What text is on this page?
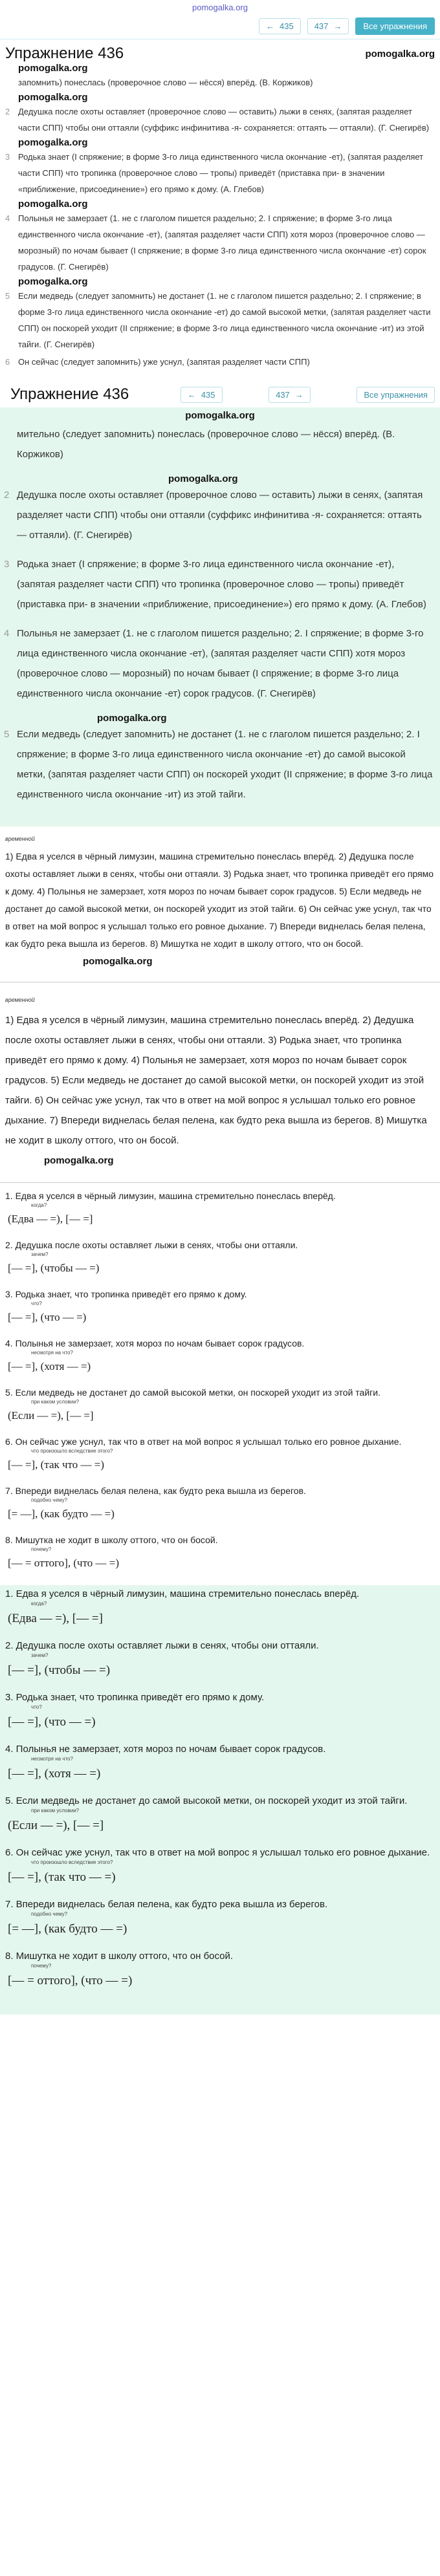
pomogalka.org
← 435 437 →	Все упражнения
Упражнение 436	pomogalka.org
pomogalka.org
запомнить) понеслась (проверочное слово — нёсся) вперёд. (В. Коржиков)
pomogalka.org
2 Дедушка после охоты оставляет (проверочное слово — оставить) лыжи в сенях, (запятая разделяет части СПП) чтобы они оттаяли (суффикс инфинитива -я- сохраняется: оттаять — оттаяли). (Г. Снегирёв)
pomogalka.org
3 Родька знает (I спряжение; в форме 3-го лица единственного числа окончание -ет), (запятая разделяет части СПП) что тропинка (проверочное слово — тропы) приведёт (приставка при- в значении «приближение, присоединение») его прямо к дому. (А. Глебов)
pomogalka.org
4 Полынья не замерзает (1. не с глаголом пишется раздельно; 2. I спряжение; в форме 3-го лица единственного числа окончание -ет), (запятая разделяет части СПП) хотя мороз (проверочное слово — морозный) по ночам бывает (I спряжение; в форме 3-го лица единственного числа окончание -ет) сорок градусов. (Г. Снегирёв)
pomogalka.org
5 Если медведь (следует запомнить) не достанет (1. не с глаголом пишется раздельно; 2. I спряжение; в форме 3-го лица единственного числа окончание -ет) до самой высокой метки, (запятая разделяет части СПП) он поскорей уходит (II спряжение; в форме 3-го лица единственного числа окончание -ит) из этой тайги. (Г. Снегирёв)
6 Он сейчас (следует запомнить) уже уснул, (запятая разделяет части СПП)
Упражнение 436	← 435	437 →	Все упражнения
pomogalka.org
мительно (следует запомнить) понеслась (проверочное слово — нёсся) вперёд. (В. Коржиков)
pomogalka.org
2 Дедушка после охоты оставляет (проверочное слово — оставить) лыжи в сенях, (запятая разделяет части СПП) чтобы они оттаяли (суффикс инфинитива -я- сохраняется: оттаять — оттаяли). (Г. Снегирёв)
3 Родька знает (I спряжение; в форме 3-го лица единственного числа окончание -ет), (запятая разделяет части СПП) что тропинка (проверочное слово — тропы) приведёт (приставка при- в значении «приближение, присоединение») его прямо к дому. (А. Глебов)
4 Полынья не замерзает (1. не с глаголом пишется раздельно; 2. I спряжение; в форме 3-го лица единственного числа окончание -ет), (запятая разделяет части СПП) хотя мороз (проверочное слово — морозный) по ночам бывает (I спряжение; в форме 3-го лица единственного числа окончание -ет) сорок градусов. (Г. Снегирёв)
pomogalka.org
5 Если медведь (следует запомнить) не достанет (1. не с глаголом пишется раздельно; 2. I спряжение; в форме 3-го лица единственного числа окончание -ет) до самой высокой метки, (запятая разделяет части СПП) он поскорей уходит (II спряжение; в форме 3-го лица единственного числа окончание -ит) из этой тайги.
временной
1) Едва я уселся в чёрный лимузин, машина стремительно понеслась вперёд. 2) Дедушка после охоты оставляет лыжи в сенях, чтобы они оттаяли. 3) Родька знает, что тропинка приведёт его прямо к дому. 4) Полынья не замерзает, хотя мороз по ночам бывает сорок градусов. 5) Если медведь не достанет до самой высокой метки, он поскорей уходит из этой тайги. 6) Он сейчас уже уснул, так что в ответ на мой вопрос я услышал только его ровное дыхание. 7) Впереди виднелась белая пелена, как будто река вышла из берегов. 8) Мишутка не ходит в школу оттого, что он босой.
pomogalka.org
временной
1) Едва я уселся в чёрный лимузин, машина стремительно понеслась вперёд. 2) Дедушка после охоты оставляет лыжи в сенях, чтобы они оттаяли. 3) Родька знает, что тропинка приведёт его прямо к дому. 4) Полынья не замерзает, хотя мороз по ночам бывает сорок градусов. 5) Если медведь не достанет до самой высокой метки, он поскорей уходит из этой тайги. 6) Он сейчас уже уснул, так что в ответ на мой вопрос я услышал только его ровное дыхание. 7) Впереди виднелась белая пелена, как будто река вышла из берегов. 8) Мишутка не ходит в школу оттого, что он босой.
pomogalka.org
1. Едва я уселся в чёрный лимузин, машина стремительно понеслась вперёд.
когда?
(Едва — =), [— =]
2. Дедушка после охоты оставляет лыжи в сенях, чтобы они оттаяли.
зачем?
[— =], (чтобы — =)
3. Родька знает, что тропинка приведёт его прямо к дому.
что?
[— =], (что — =)
4. Полынья не замерзает, хотя мороз по ночам бывает сорок градусов.
несмотря на что?
[— =], (хотя — =)
5. Если медведь не достанет до самой высокой метки, он поскорей уходит из этой тайги.
при каком условии?
(Если — =), [— =]
6. Он сейчас уже уснул, так что в ответ на мой вопрос я услышал только его ровное дыхание.
что произошло вследствие этого?
[— =], (так что — =)
7. Впереди виднелась белая пелена, как будто река вышла из берегов.
подобно чему?
[= —], (как будто — =)
8. Мишутка не ходит в школу оттого, что он босой.
почему?
[— = оттого], (что — =)
1. Едва я уселся в чёрный лимузин, машина стремительно понеслась вперёд.
когда?
(Едва — =), [— =]
2. Дедушка после охоты оставляет лыжи в сенях, чтобы они оттаяли.
зачем?
[— =], (чтобы — =)
3. Родька знает, что тропинка приведёт его прямо к дому.
что?
[— =], (что — =)
4. Полынья не замерзает, хотя мороз по ночам бывает сорок градусов.
несмотря на что?
[— =], (хотя — =)
5. Если медведь не достанет до самой высокой метки, он поскорей уходит из этой тайги.
при каком условии?
(Если — =), [— =]
6. Он сейчас уже уснул, так что в ответ на мой вопрос я услышал только его ровное дыхание.
что произошло вследствие этого?
[— =], (так что — =)
7. Впереди виднелась белая пелена, как будто река вышла из берегов.
подобно чему?
[= —], (как будто — =)
8. Мишутка не ходит в школу оттого, что он босой.
почему?
[— = оттого], (что — =)
